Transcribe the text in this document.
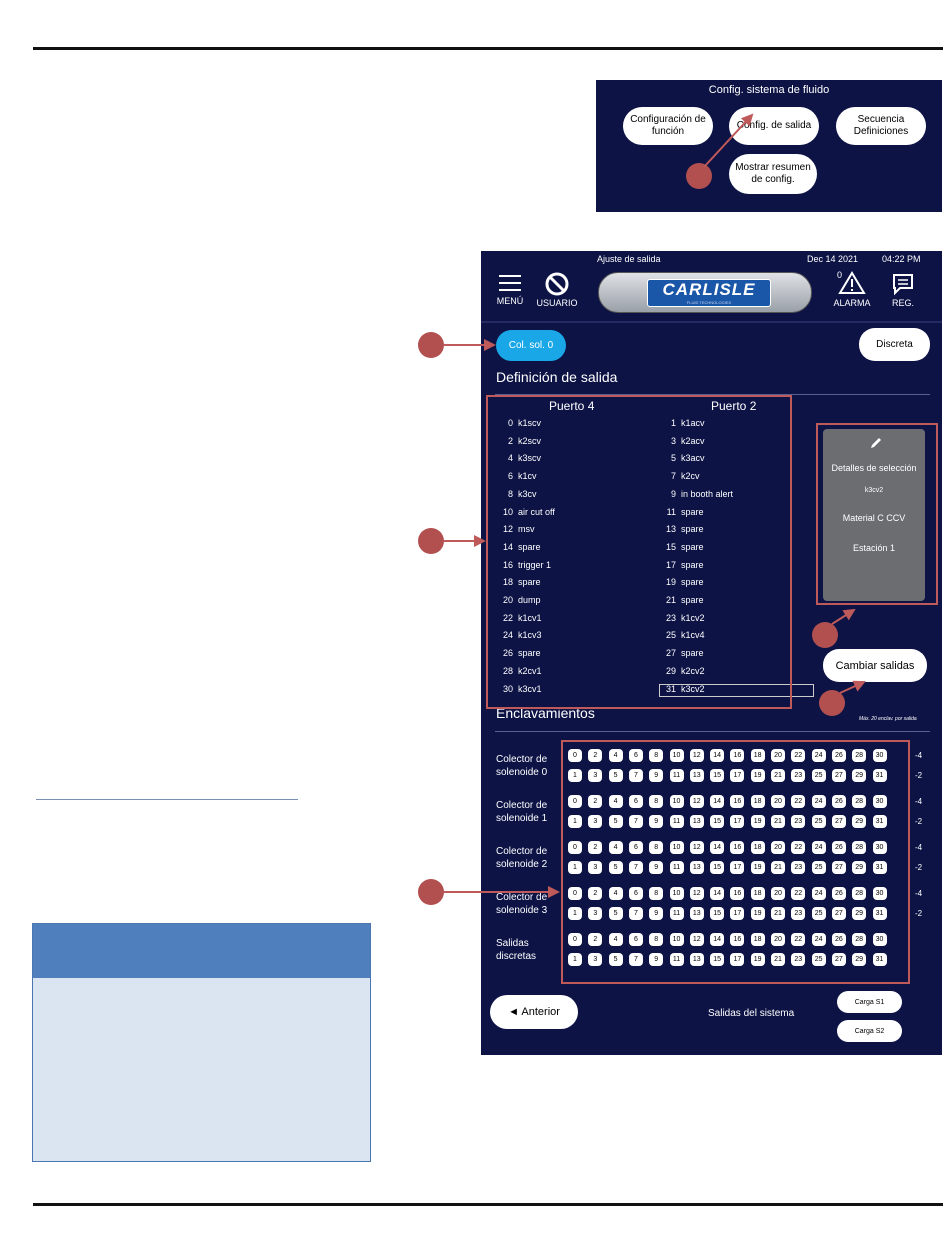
Config. sistema de fluido
Configuración de función
Config. de salida
Secuencia Definiciones
Mostrar resumen de config.
Ajuste de salida	Dec 14 2021	04:22 PM
MENÚ	USUARIO
CARLISLE
FLUID TECHNOLOGIES
0
ALARMA	REG.
Col. sol. 0	Discreta
Definición de salida
Puerto 4	Puerto 2
0 k1scv	1 k1acv
2 k2scv	3 k2acv
4 k3scv	5 k3acv
6 k1cv	7 k2cv
8 k3cv	9 in booth alert
10 air cut off	11 spare
12 msv	13 spare
14 spare	15 spare
16 trigger 1	17 spare
18 spare	19 spare
20 dump	21 spare
22 k1cv1	23 k1cv2
24 k1cv3	25 k1cv4
26 spare	27 spare
28 k2cv1	29 k2cv2
30 k3cv1	31 k3cv2
Detalles de selección
k3cv2
Material C CCV
Estación 1
Cambiar salidas
Enclavamientos	Máx. 20 enclav. por salida
Colector de
solenoide 0
0	2	4	6	8	10	12	14	16	18	20	22	24	26	28	30	-4
1	3	5	7	9	11	13	15	17	19	21	23	25	27	29	31	-2
Colector de
solenoide 1
0	2	4	6	8	10	12	14	16	18	20	22	24	26	28	30	-4
1	3	5	7	9	11	13	15	17	19	21	23	25	27	29	31	-2
Colector de
solenoide 2
0	2	4	6	8	10	12	14	16	18	20	22	24	26	28	30	-4
1	3	5	7	9	11	13	15	17	19	21	23	25	27	29	31	-2
Colector de
solenoide 3
0	2	4	6	8	10	12	14	16	18	20	22	24	26	28	30	-4
1	3	5	7	9	11	13	15	17	19	21	23	25	27	29	31	-2
Salidas
discretas
0	2	4	6	8	10	12	14	16	18	20	22	24	26	28	30
1	3	5	7	9	11	13	15	17	19	21	23	25	27	29	31
◄ Anterior	Salidas del sistema
Carga S1
Carga S2
